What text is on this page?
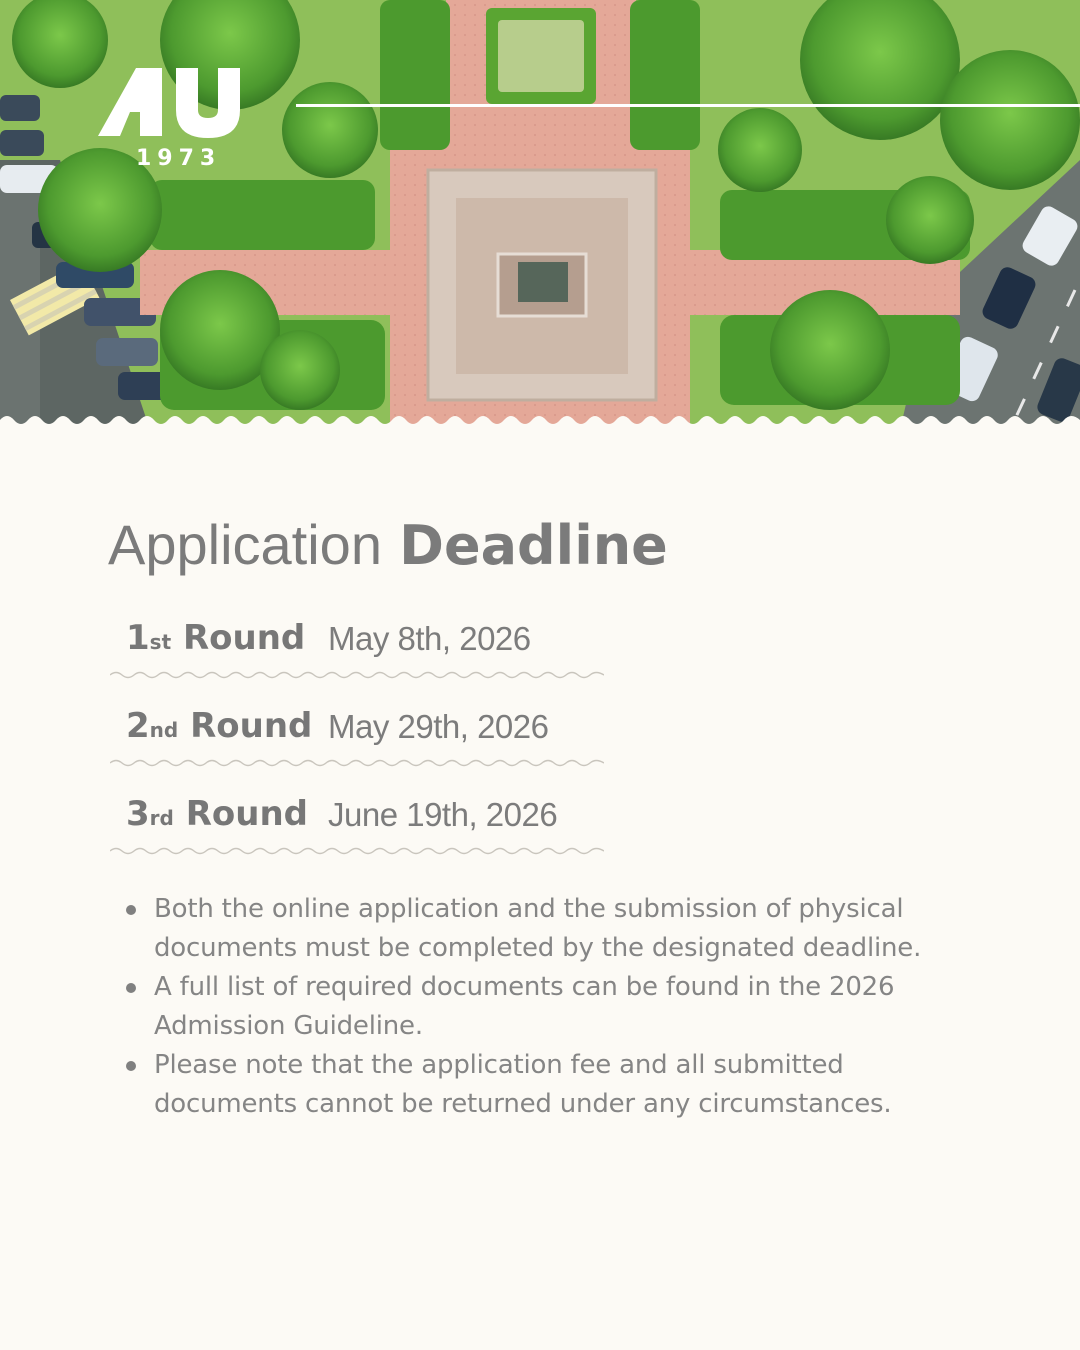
1973
Application Deadline
1st Round May 8th, 2026
2nd Round May 29th, 2026
3rd Round June 19th, 2026
Both the online application and the submission of physical documents must be completed by the designated deadline.
A full list of required documents can be found in the 2026 Admission Guideline.
Please note that the application fee and all submitted documents cannot be returned under any circumstances.
